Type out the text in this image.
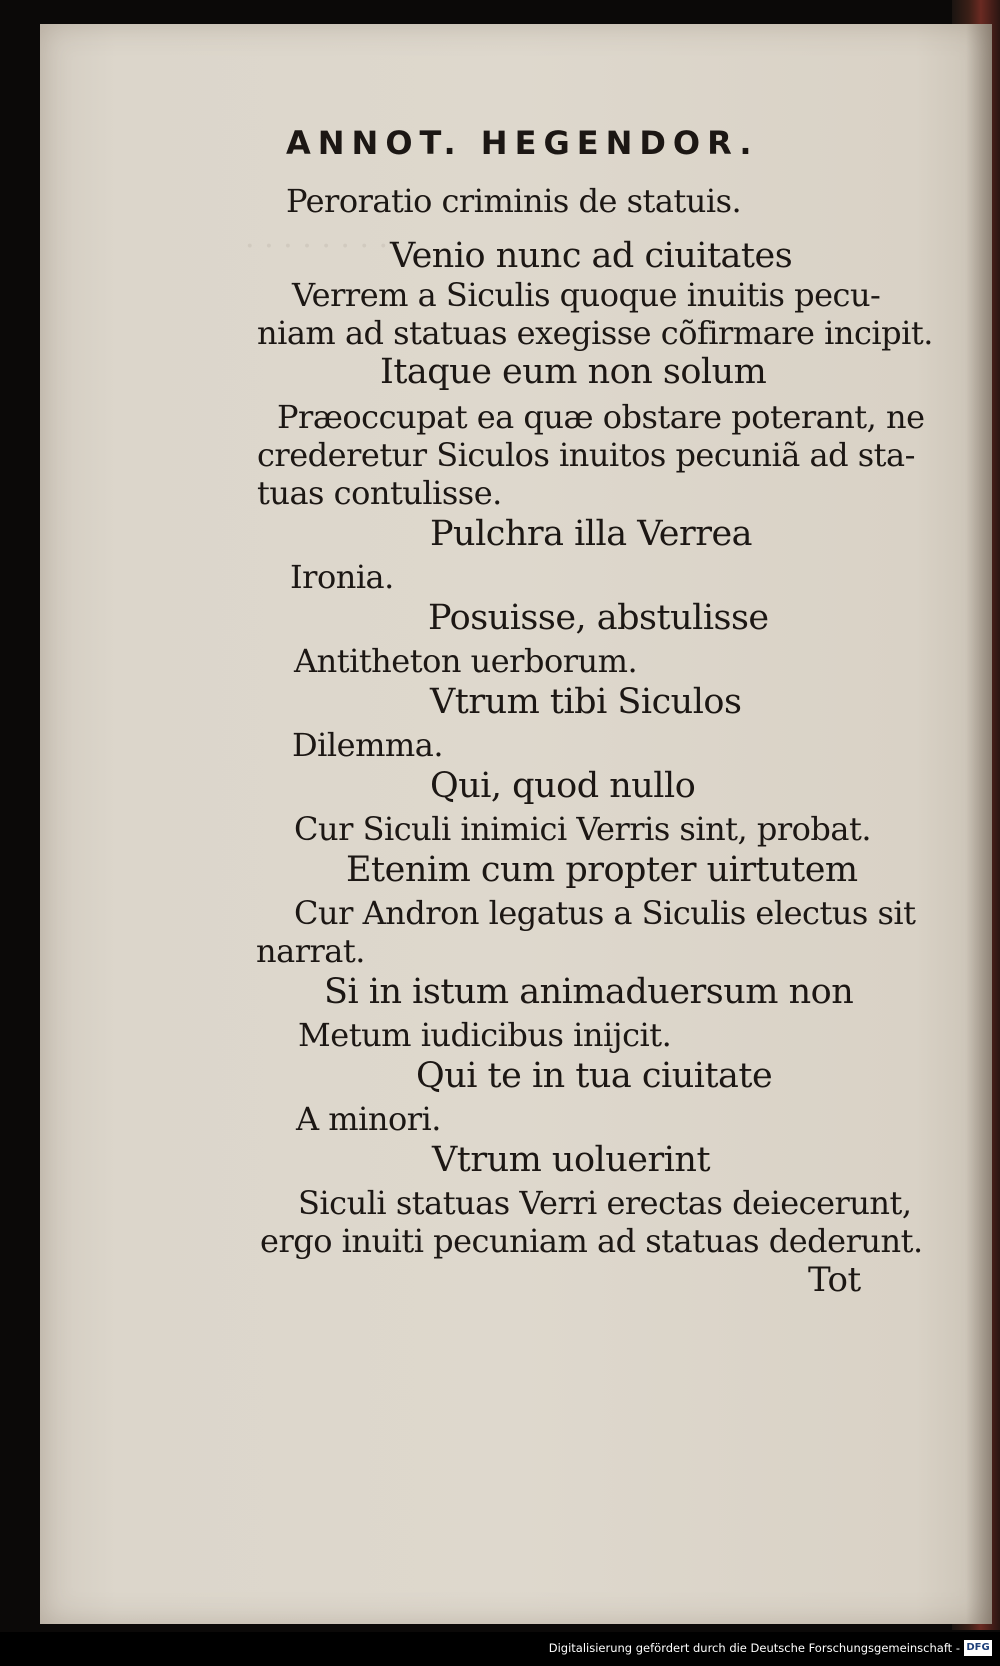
· · · · · · · ·
ANNOT. HEGENDOR.
Peroratio criminis de statuis.
Venio nunc ad ciuitates
Verrem a Siculis quoque inuitis pecu-
niam ad statuas exegisse cõfirmare incipit.
Itaque eum non solum
Præoccupat ea quæ obstare poterant, ne
crederetur Siculos inuitos pecuniã ad sta-
tuas contulisse.
Pulchra illa Verrea
Ironia.
Posuisse, abstulisse
Antitheton uerborum.
Vtrum tibi Siculos
Dilemma.
Qui, quod nullo
Cur Siculi inimici Verris sint, probat.
Etenim cum propter uirtutem
Cur Andron legatus a Siculis electus sit
narrat.
Si in istum animaduersum non
Metum iudicibus inijcit.
Qui te in tua ciuitate
A minori.
Vtrum uoluerint
Siculi statuas Verri erectas deiecerunt,
ergo inuiti pecuniam ad statuas dederunt.
Tot
Digitalisierung gefördert durch die Deutsche Forschungsgemeinschaft - DFG
